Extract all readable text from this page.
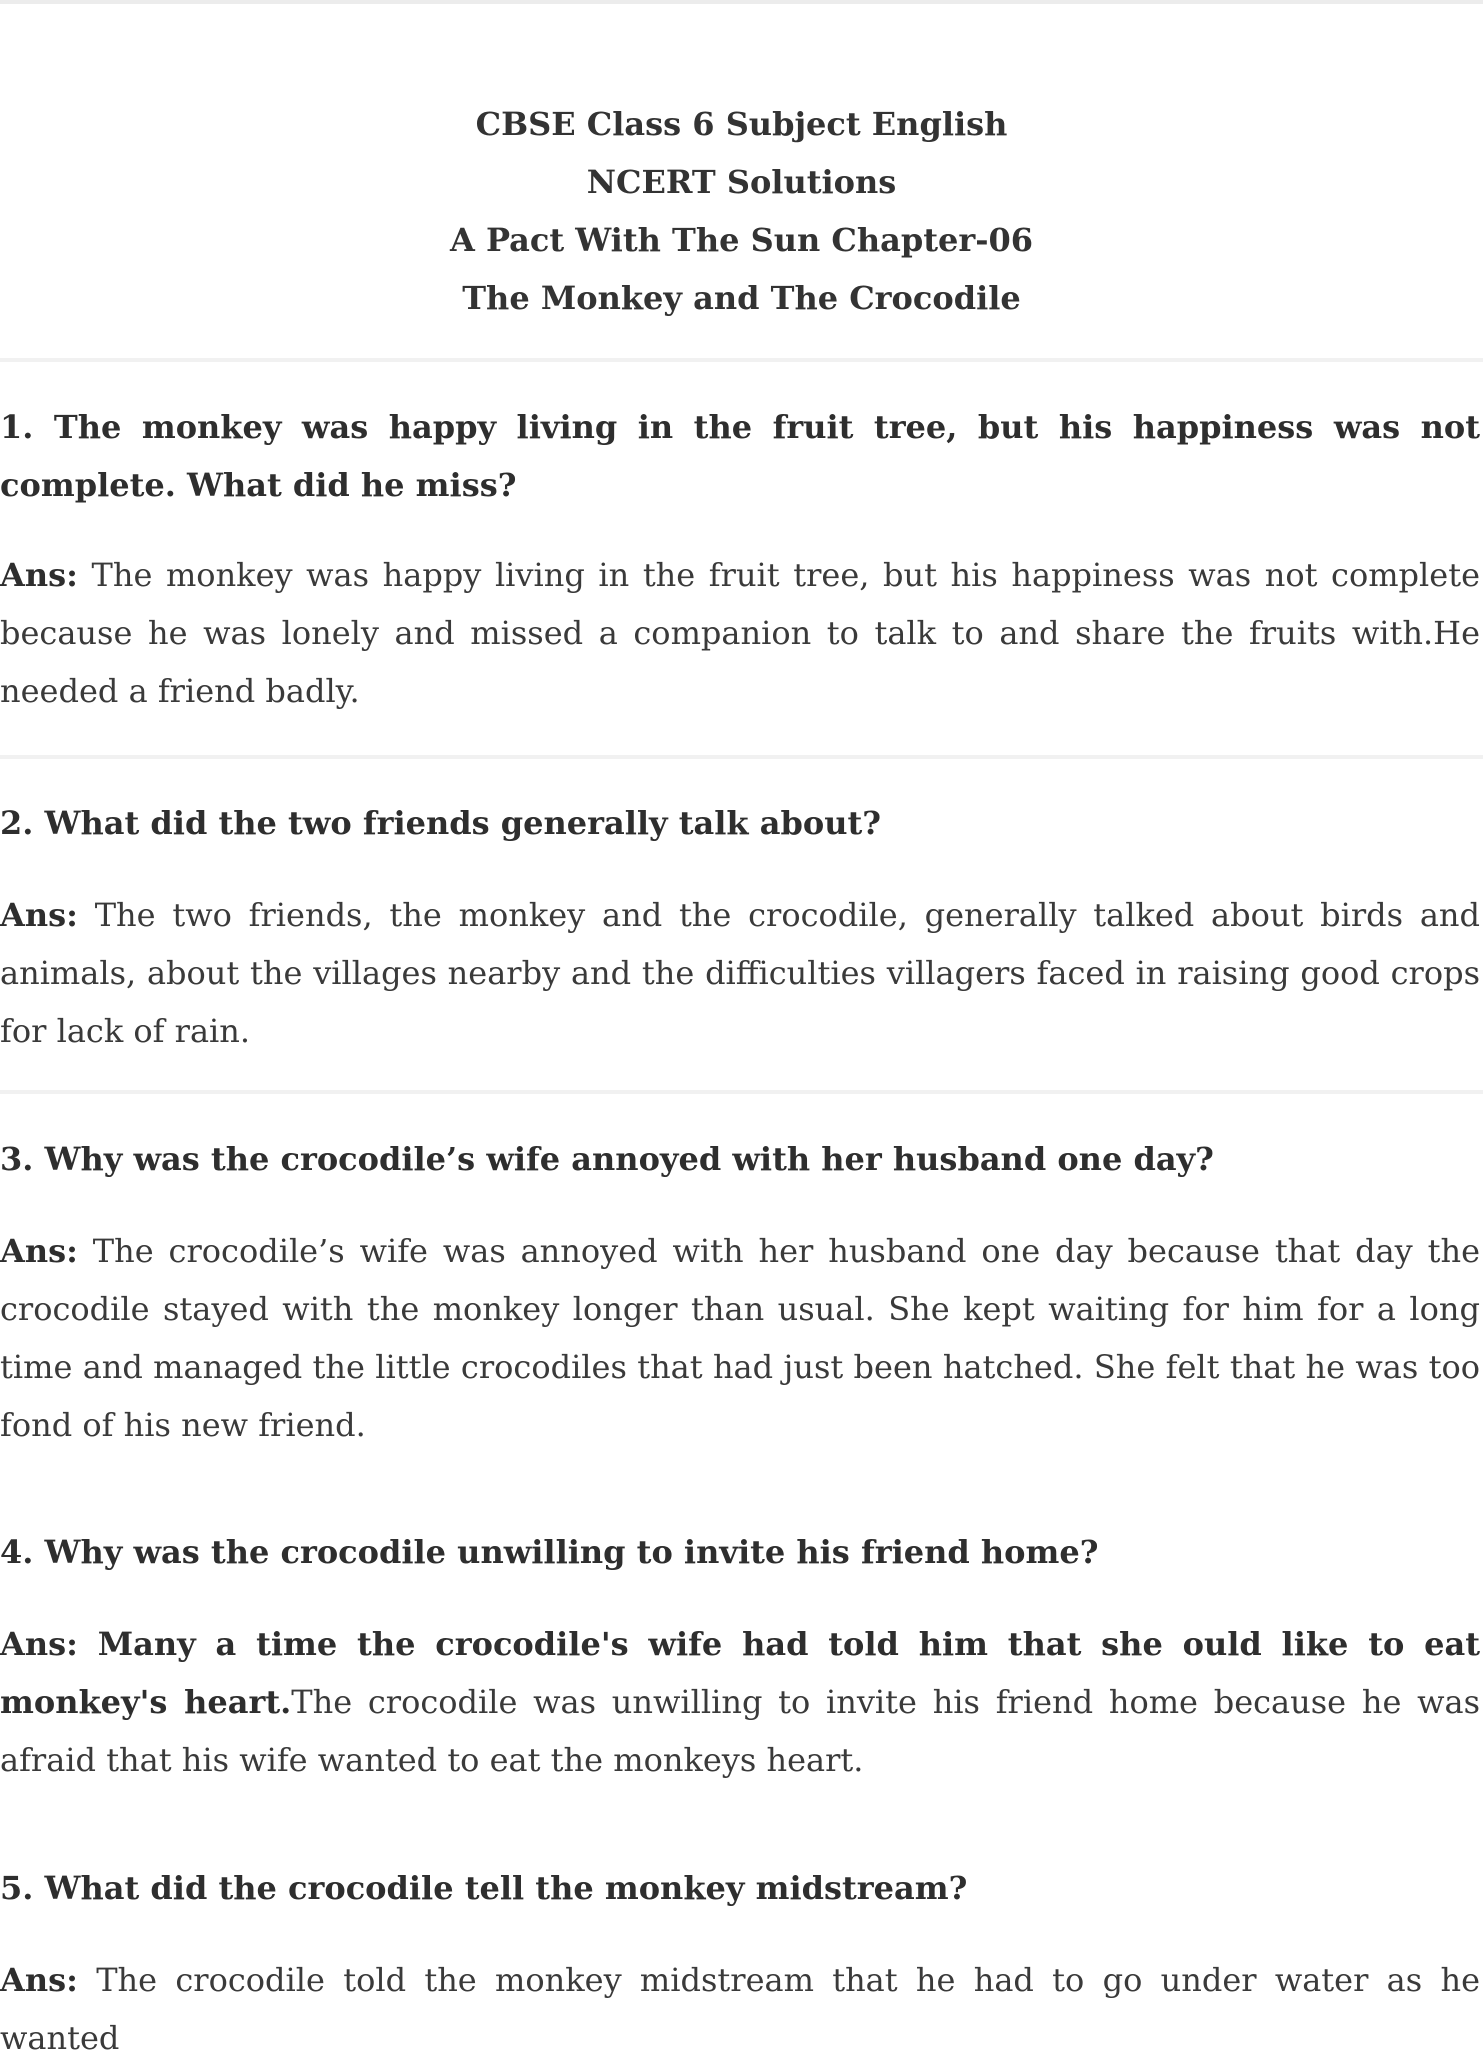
CBSE Class 6 Subject English
NCERT Solutions
A Pact With The Sun Chapter-06
The Monkey and The Crocodile

1. The monkey was happy living in the fruit tree, but his happiness was not complete. What did he miss?

Ans: The monkey was happy living in the fruit tree, but his happiness was not complete because he was lonely and missed a companion to talk to and share the fruits with.He needed a friend badly.

2. What did the two friends generally talk about?

Ans: The two friends, the monkey and the crocodile, generally talked about birds and animals, about the villages nearby and the difficulties villagers faced in raising good crops for lack of rain.

3. Why was the crocodile’s wife annoyed with her husband one day?

Ans: The crocodile’s wife was annoyed with her husband one day because that day the crocodile stayed with the monkey longer than usual. She kept waiting for him for a long time and managed the little crocodiles that had just been hatched. She felt that he was too fond of his new friend.

4. Why was the crocodile unwilling to invite his friend home?

Ans: Many a time the crocodile's wife had told him that she ould like to eat monkey's heart.The crocodile was unwilling to invite his friend home because he was afraid that his wife wanted to eat the monkeys heart.

5. What did the crocodile tell the monkey midstream?

Ans: The crocodile told the monkey midstream that he had to go under water as he wanted
